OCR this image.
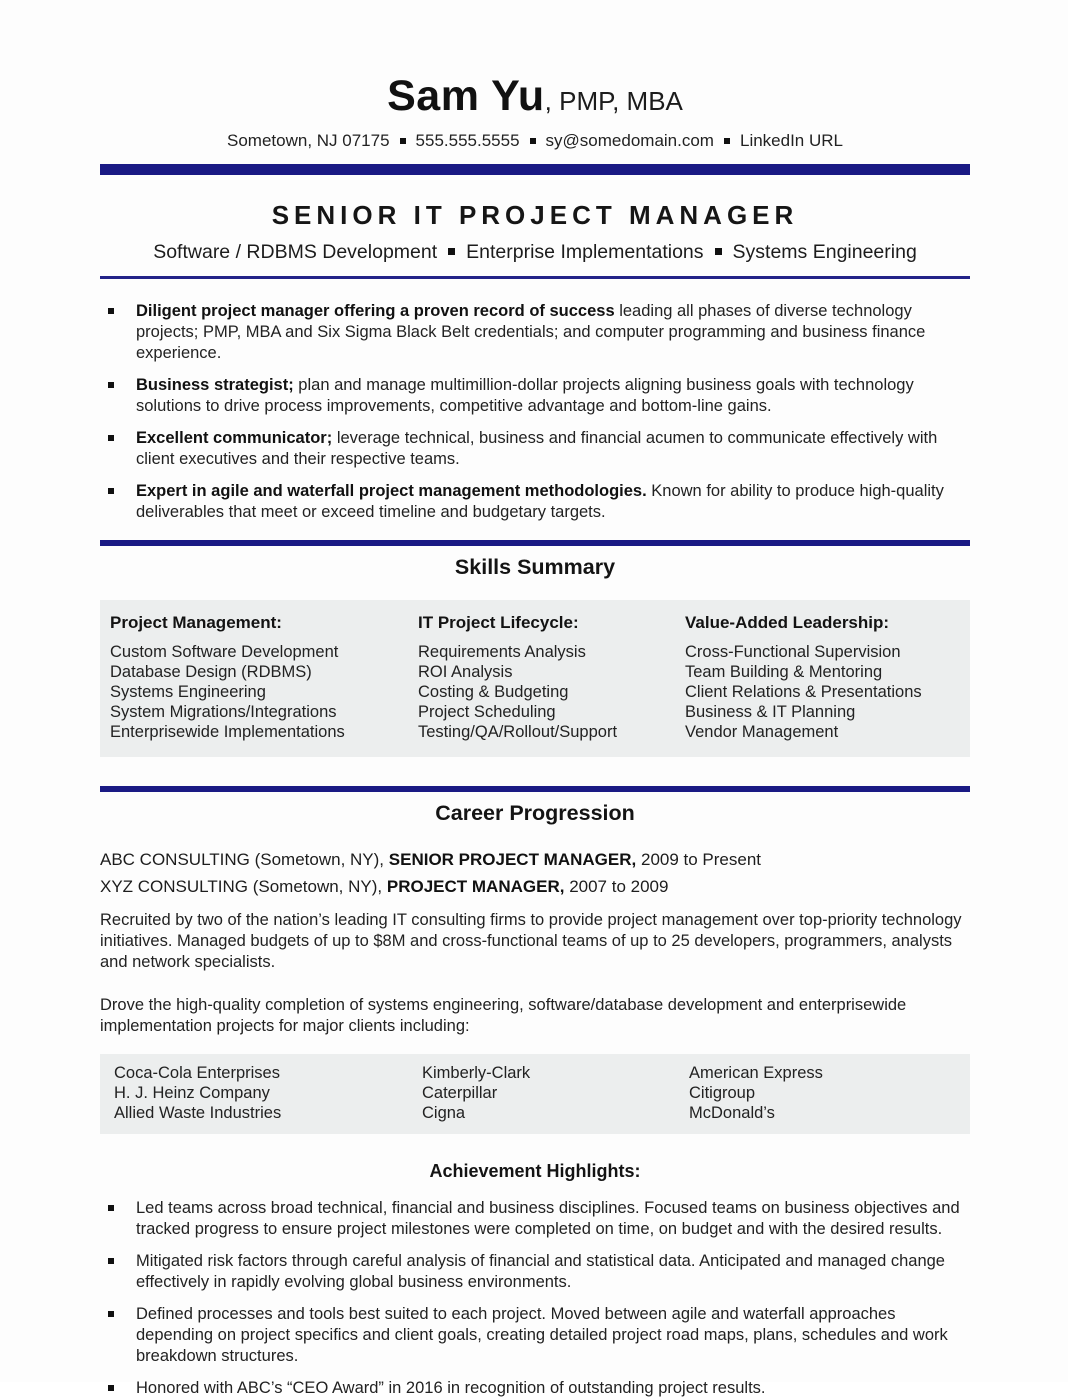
Sam Yu, PMP, MBA
Sometown, NJ 07175 555.555.5555 sy@somedomain.com LinkedIn URL
SENIOR IT PROJECT MANAGER
Software / RDBMS Development Enterprise Implementations Systems Engineering
Diligent project manager offering a proven record of success leading all phases of diverse technology projects; PMP, MBA and Six Sigma Black Belt credentials; and computer programming and business finance experience.
Business strategist; plan and manage multimillion-dollar projects aligning business goals with technology solutions to drive process improvements, competitive advantage and bottom-line gains.
Excellent communicator; leverage technical, business and financial acumen to communicate effectively with client executives and their respective teams.
Expert in agile and waterfall project management methodologies. Known for ability to produce high-quality deliverables that meet or exceed timeline and budgetary targets.
Skills Summary
Project Management:
Custom Software Development
Database Design (RDBMS)
Systems Engineering
System Migrations/Integrations
Enterprisewide Implementations
IT Project Lifecycle:
Requirements Analysis
ROI Analysis
Costing & Budgeting
Project Scheduling
Testing/QA/Rollout/Support
Value-Added Leadership:
Cross-Functional Supervision
Team Building & Mentoring
Client Relations & Presentations
Business & IT Planning
Vendor Management
Career Progression
ABC CONSULTING (Sometown, NY), SENIOR PROJECT MANAGER, 2009 to Present
XYZ CONSULTING (Sometown, NY), PROJECT MANAGER, 2007 to 2009

Recruited by two of the nation’s leading IT consulting firms to provide project management over top-priority technology initiatives. Managed budgets of up to $8M and cross-functional teams of up to 25 developers, programmers, analysts and network specialists.

Drove the high-quality completion of systems engineering, software/database development and enterprisewide implementation projects for major clients including:

Coca-Cola Enterprises
H. J. Heinz Company
Allied Waste Industries
Kimberly-Clark
Caterpillar
Cigna
American Express
Citigroup
McDonald’s
Achievement Highlights:
Led teams across broad technical, financial and business disciplines. Focused teams on business objectives and tracked progress to ensure project milestones were completed on time, on budget and with the desired results.
Mitigated risk factors through careful analysis of financial and statistical data. Anticipated and managed change effectively in rapidly evolving global business environments.
Defined processes and tools best suited to each project. Moved between agile and waterfall approaches depending on project specifics and client goals, creating detailed project road maps, plans, schedules and work breakdown structures.
Honored with ABC’s “CEO Award” in 2016 in recognition of outstanding project results.
